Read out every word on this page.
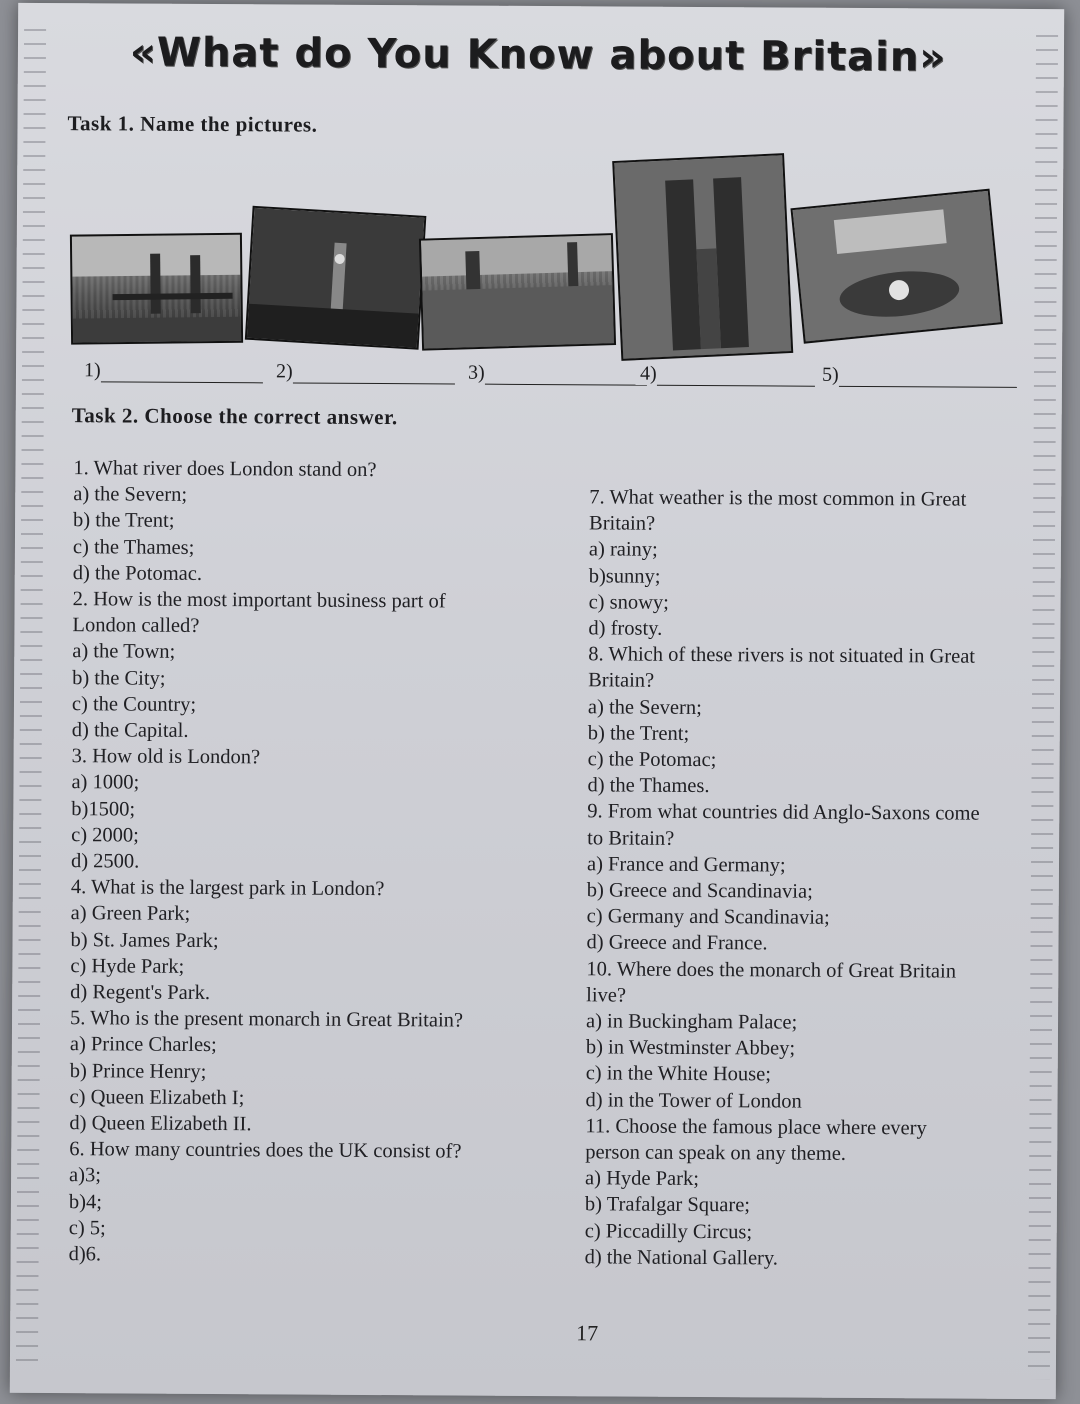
«What do You Know about Britain»
Task 1. Name the pictures.
1)	2)	3)	4)	5)
Task 2. Choose the correct answer.
1. What river does London stand on?
a) the Severn;
b) the Trent;
c) the Thames;
d) the Potomac.
2. How is the most important business part of
London called?
a) the Town;
b) the City;
c) the Country;
d) the Capital.
3. How old is London?
a) 1000;
b)1500;
c) 2000;
d) 2500.
4. What is the largest park in London?
a) Green Park;
b) St. James Park;
c) Hyde Park;
d) Regent's Park.
5. Who is the present monarch in Great Britain?
a) Prince Charles;
b) Prince Henry;
c) Queen Elizabeth I;
d) Queen Elizabeth II.
6. How many countries does the UK consist of?
a)3;
b)4;
c) 5;
d)6.
7. What weather is the most common in Great
Britain?
a) rainy;
b)sunny;
c) snowy;
d) frosty.
8. Which of these rivers is not situated in Great
Britain?
a) the Severn;
b) the Trent;
c) the Potomac;
d) the Thames.
9. From what countries did Anglo-Saxons come
to Britain?
a) France and Germany;
b) Greece and Scandinavia;
c) Germany and Scandinavia;
d) Greece and France.
10. Where does the monarch of Great Britain
live?
a) in Buckingham Palace;
b) in Westminster Abbey;
c) in the White House;
d) in the Tower of London
11. Choose the famous place where every
person can speak on any theme.
a) Hyde Park;
b) Trafalgar Square;
c) Piccadilly Circus;
d) the National Gallery.
17
